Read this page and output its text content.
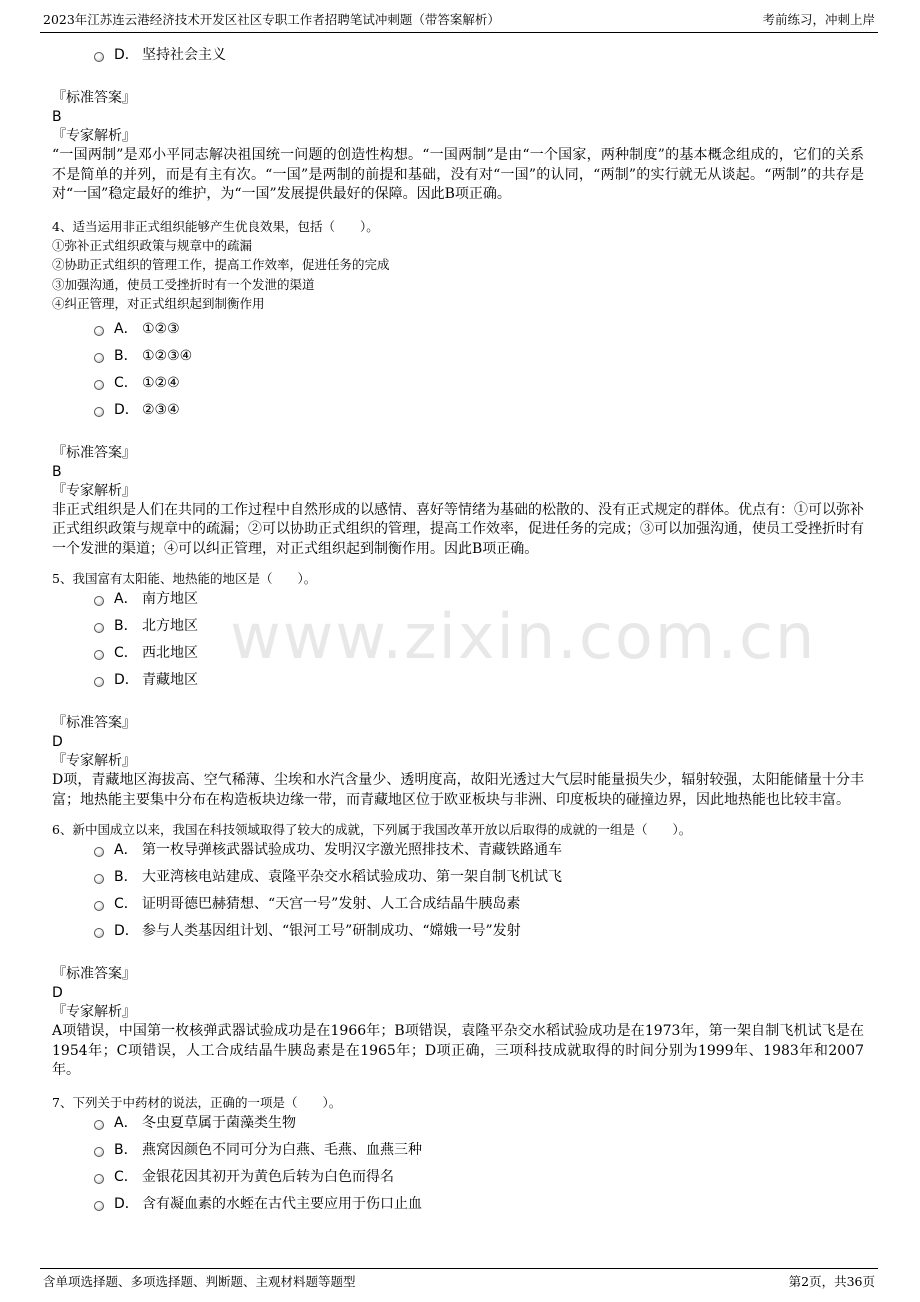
2023年江苏连云港经济技术开发区社区专职工作者招聘笔试冲刺题（带答案解析）	考前练习，冲刺上岸
www.zixin.com.cn
D． 坚持社会主义
『标准答案』
B
『专家解析』
“一国两制”是邓小平同志解决祖国统一问题的创造性构想。“一国两制”是由“一个国家，两种制度”的基本概念组成的，它们的关系不是简单的并列，而是有主有次。“一国”是两制的前提和基础，没有对“一国”的认同，“两制”的实行就无从谈起。“两制”的共存是对“一国”稳定最好的维护，为“一国”发展提供最好的保障。因此B项正确。
4、适当运用非正式组织能够产生优良效果，包括（　　）。
①弥补正式组织政策与规章中的疏漏
②协助正式组织的管理工作，提高工作效率，促进任务的完成
③加强沟通，使员工受挫折时有一个发泄的渠道
④纠正管理，对正式组织起到制衡作用
A． ①②③
B． ①②③④
C． ①②④
D． ②③④
『标准答案』
B
『专家解析』
非正式组织是人们在共同的工作过程中自然形成的以感情、喜好等情绪为基础的松散的、没有正式规定的群体。优点有：①可以弥补正式组织政策与规章中的疏漏；②可以协助正式组织的管理，提高工作效率，促进任务的完成；③可以加强沟通，使员工受挫折时有一个发泄的渠道；④可以纠正管理，对正式组织起到制衡作用。因此B项正确。
5、我国富有太阳能、地热能的地区是（　　）。
A． 南方地区
B． 北方地区
C． 西北地区
D． 青藏地区
『标准答案』
D
『专家解析』
D项，青藏地区海拔高、空气稀薄、尘埃和水汽含量少、透明度高，故阳光透过大气层时能量损失少，辐射较强，太阳能储量十分丰富；地热能主要集中分布在构造板块边缘一带，而青藏地区位于欧亚板块与非洲、印度板块的碰撞边界，因此地热能也比较丰富。
6、新中国成立以来，我国在科技领域取得了较大的成就，下列属于我国改革开放以后取得的成就的一组是（　　）。
A． 第一枚导弹核武器试验成功、发明汉字激光照排技术、青藏铁路通车
B． 大亚湾核电站建成、袁隆平杂交水稻试验成功、第一架自制飞机试飞
C． 证明哥德巴赫猜想、“天宫一号”发射、人工合成结晶牛胰岛素
D． 参与人类基因组计划、“银河工号”研制成功、“嫦娥一号”发射
『标准答案』
D
『专家解析』
A项错误，中国第一枚核弹武器试验成功是在1966年；B项错误，袁隆平杂交水稻试验成功是在1973年，第一架自制飞机试飞是在1954年；C项错误，人工合成结晶牛胰岛素是在1965年；D项正确，三项科技成就取得的时间分别为1999年、1983年和2007年。
7、下列关于中药材的说法，正确的一项是（　　）。
A． 冬虫夏草属于菌藻类生物
B． 燕窝因颜色不同可分为白燕、毛燕、血燕三种
C． 金银花因其初开为黄色后转为白色而得名
D． 含有凝血素的水蛭在古代主要应用于伤口止血
含单项选择题、多项选择题、判断题、主观材料题等题型	第2页，共36页
